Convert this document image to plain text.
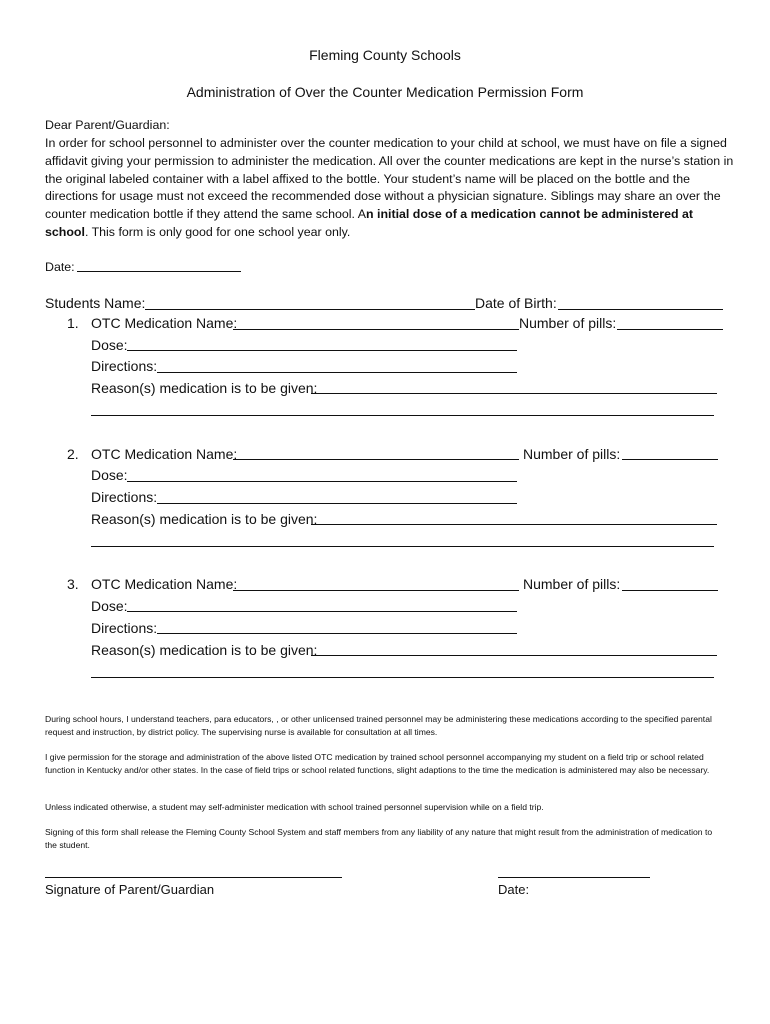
Fleming County Schools
Administration of Over the Counter Medication Permission Form
Dear Parent/Guardian:
In order for school personnel to administer over the counter medication to your child at school, we must have on file a signed affidavit giving your permission to administer the medication. All over the counter medications are kept in the nurse’s station in the original labeled container with a label affixed to the bottle. Your student’s name will be placed on the bottle and the directions for usage must not exceed the recommended dose without a physician signature. Siblings may share an over the counter medication bottle if they attend the same school. An initial dose of a medication cannot be administered at school. This form is only good for one school year only.
Date:
Students Name:	Date of Birth:
1. OTC Medication Name:	Number of pills:
Dose:
Directions:
Reason(s) medication is to be given:
2. OTC Medication Name:	Number of pills:
Dose:
Directions:
Reason(s) medication is to be given:
3. OTC Medication Name:	Number of pills:
Dose:
Directions:
Reason(s) medication is to be given:
During school hours, I understand teachers, para educators, , or other unlicensed trained personnel may be administering these medications according to the specified parental request and instruction, by district policy. The supervising nurse is available for consultation at all times.
I give permission for the storage and administration of the above listed OTC medication by trained school personnel accompanying my student on a field trip or school related function in Kentucky and/or other states. In the case of field trips or school related functions, slight adaptions to the time the medication is administered may also be necessary.
Unless indicated otherwise, a student may self-administer medication with school trained personnel supervision while on a field trip.
Signing of this form shall release the Fleming County School System and staff members from any liability of any nature that might result from the administration of medication to the student.
Signature of Parent/Guardian	Date:
